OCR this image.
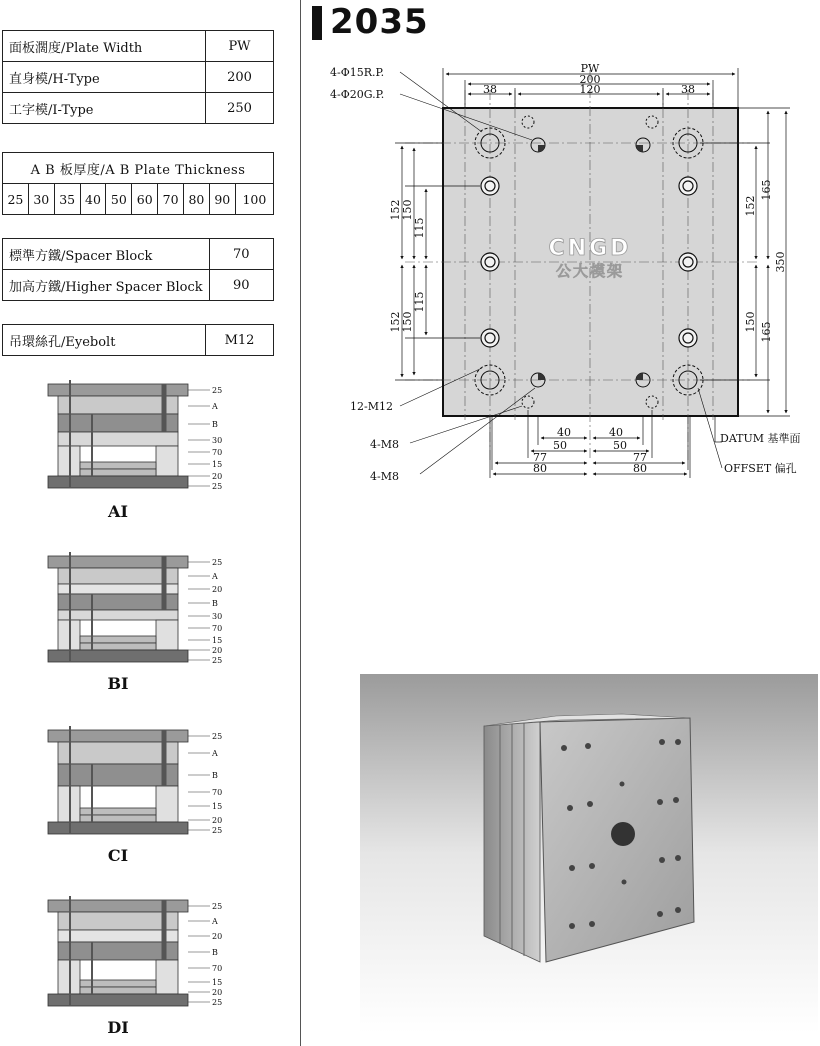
面板濶度/Plate Width	PW
直身模/H-Type	200
工字模/I-Type	250
A B 板厚度/A B Plate Thickness
25	30	35	40	50	60	70	80	90	100
標準方鐵/Spacer Block	70
加高方鐵/Higher Spacer Block	90
吊環絲孔/Eyebolt	M12
25
A
B
30
70
15
20
25
AI
25
A
20
B
30
70
15
20
25
BI
25
A
B
70
15
20
25
CI
25
A
20
B
70
15
20
25
DI
2035
CNGD
公大模架
PW
200
38	120	38
4-Φ15R.P.
4-Φ20G.P.
12-M12
4-M8
4-M8
152 150
115
152 150
115
152
165
350
150 165
40	40
50	50
77	77
80	80
DATUM 基準面
OFFSET 偏孔
